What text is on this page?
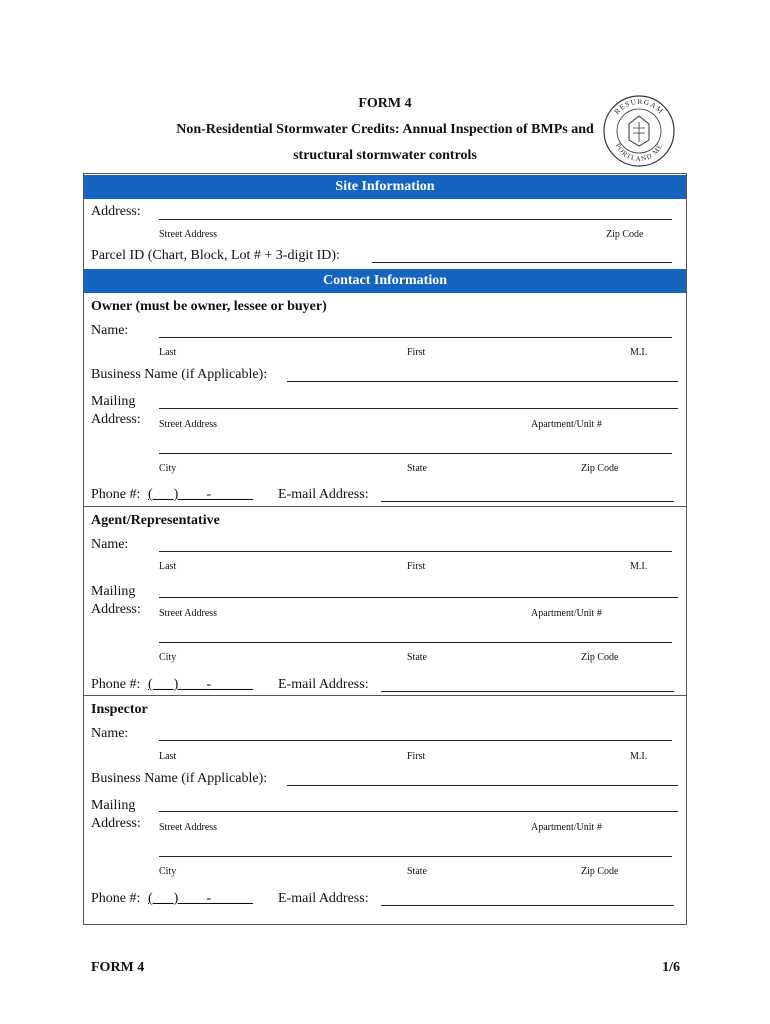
FORM 4
Non-Residential Stormwater Credits: Annual Inspection of BMPs and
structural stormwater controls
RESURGAM
PORTLAND ME
Site Information
Address:
Street Address	Zip Code
Parcel ID (Chart, Block, Lot # + 3-digit ID):
Contact Information
Owner (must be owner, lessee or buyer)
Name:
Last	First	M.I.
Business Name (if Applicable):
Mailing
Address: Street Address	Apartment/Unit #
City	State	Zip Code
Phone #: (___)____-______ E-mail Address:
Agent/Representative
Name:
Last	First	M.I.
Mailing
Address: Street Address	Apartment/Unit #
City	State	Zip Code
Phone #: (___)____-______ E-mail Address:
Inspector
Name:
Last	First	M.I.
Business Name (if Applicable):
Mailing
Address: Street Address	Apartment/Unit #
City	State	Zip Code
Phone #: (___)____-______ E-mail Address:
FORM 4	1/6
